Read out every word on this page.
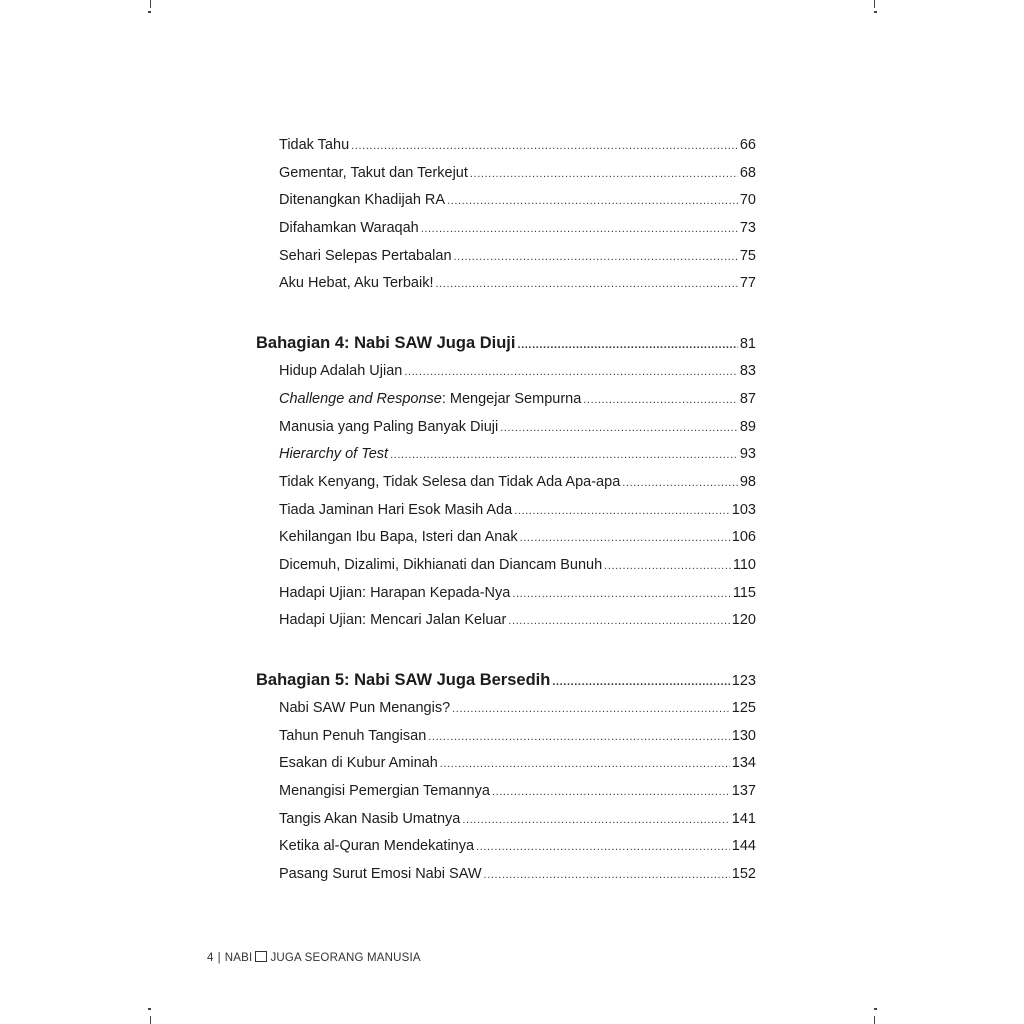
Tidak Tahu .....	66
Gementar, Takut dan Terkejut .....	68
Ditenangkan Khadijah RA .....	70
Difahamkan Waraqah .....	73
Sehari Selepas Pertabalan .....	75
Aku Hebat, Aku Terbaik! .....	77
Bahagian 4: Nabi SAW Juga Diuji .....	81
Hidup Adalah Ujian .....	83
Challenge and Response: Mengejar Sempurna .....	87
Manusia yang Paling Banyak Diuji .....	89
Hierarchy of Test .....	93
Tidak Kenyang, Tidak Selesa dan Tidak Ada Apa-apa .....	98
Tiada Jaminan Hari Esok Masih Ada .....	103
Kehilangan Ibu Bapa, Isteri dan Anak .....	106
Dicemuh, Dizalimi, Dikhianati dan Diancam Bunuh .....	110
Hadapi Ujian: Harapan Kepada-Nya .....	115
Hadapi Ujian: Mencari Jalan Keluar .....	120
Bahagian 5: Nabi SAW Juga Bersedih .....	123
Nabi SAW Pun Menangis? .....	125
Tahun Penuh Tangisan .....	130
Esakan di Kubur Aminah .....	134
Menangisi Pemergian Temannya .....	137
Tangis Akan Nasib Umatnya .....	141
Ketika al-Quran Mendekatinya .....	144
Pasang Surut Emosi Nabi SAW .....	152
4 | NABI JUGA SEORANG MANUSIA
